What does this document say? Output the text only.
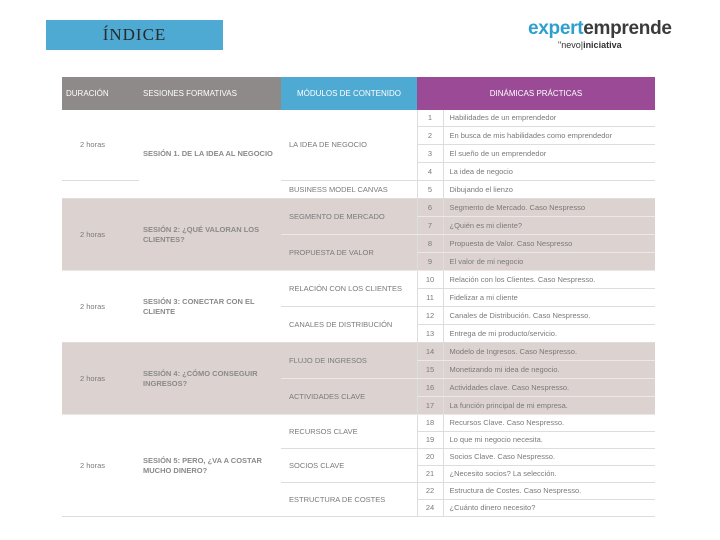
ÍNDICE	expertemprende
"nevo|iniciativa
DURACIÓN	SESIONES FORMATIVAS	MÓDULOS DE CONTENIDO	DINÁMICAS PRÁCTICAS	
2 horas	SESIÓN 1. DE LA IDEA AL NEGOCIO	LA IDEA DE NEGOCIO	1	Habilidades de un emprendedor
			2	En busca de mis habilidades como emprendedor
			3	El sueño de un emprendedor
			4	La idea de negocio
		BUSINESS MODEL CANVAS	5	Dibujando el lienzo
2 horas	SESIÓN 2: ¿QUÉ VALORAN LOS CLIENTES?	SEGMENTO DE MERCADO	6	Segmento de Mercado. Caso Nespresso
			7	¿Quién es mi cliente?
		PROPUESTA DE VALOR	8	Propuesta de Valor. Caso Nespresso
			9	El valor de mi negocio
2 horas	SESIÓN 3: CONECTAR CON EL CLIENTE	RELACIÓN CON LOS CLIENTES	10	Relación con los Clientes. Caso Nespresso.
			11	Fidelizar a mi cliente
		CANALES DE DISTRIBUCIÓN	12	Canales de Distribución. Caso Nespresso.
			13	Entrega de mi producto/servicio.
2 horas	SESIÓN 4: ¿CÓMO CONSEGUIR INGRESOS?	FLUJO DE INGRESOS	14	Modelo de Ingresos. Caso Nespresso.
			15	Monetizando mi idea de negocio.
		ACTIVIDADES CLAVE	16	Actividades clave. Caso Nespresso.
			17	La función principal de mi empresa.
2 horas	SESIÓN 5: PERO, ¿VA A COSTAR MUCHO DINERO?	RECURSOS CLAVE	18	Recursos Clave. Caso Nespresso.
			19	Lo que mi negocio necesita.
		SOCIOS CLAVE	20	Socios Clave. Caso Nespresso.
			21	¿Necesito socios? La selección.
		ESTRUCTURA DE COSTES	22	Estructura de Costes. Caso Nespresso.
			24	¿Cuánto dinero necesito?
